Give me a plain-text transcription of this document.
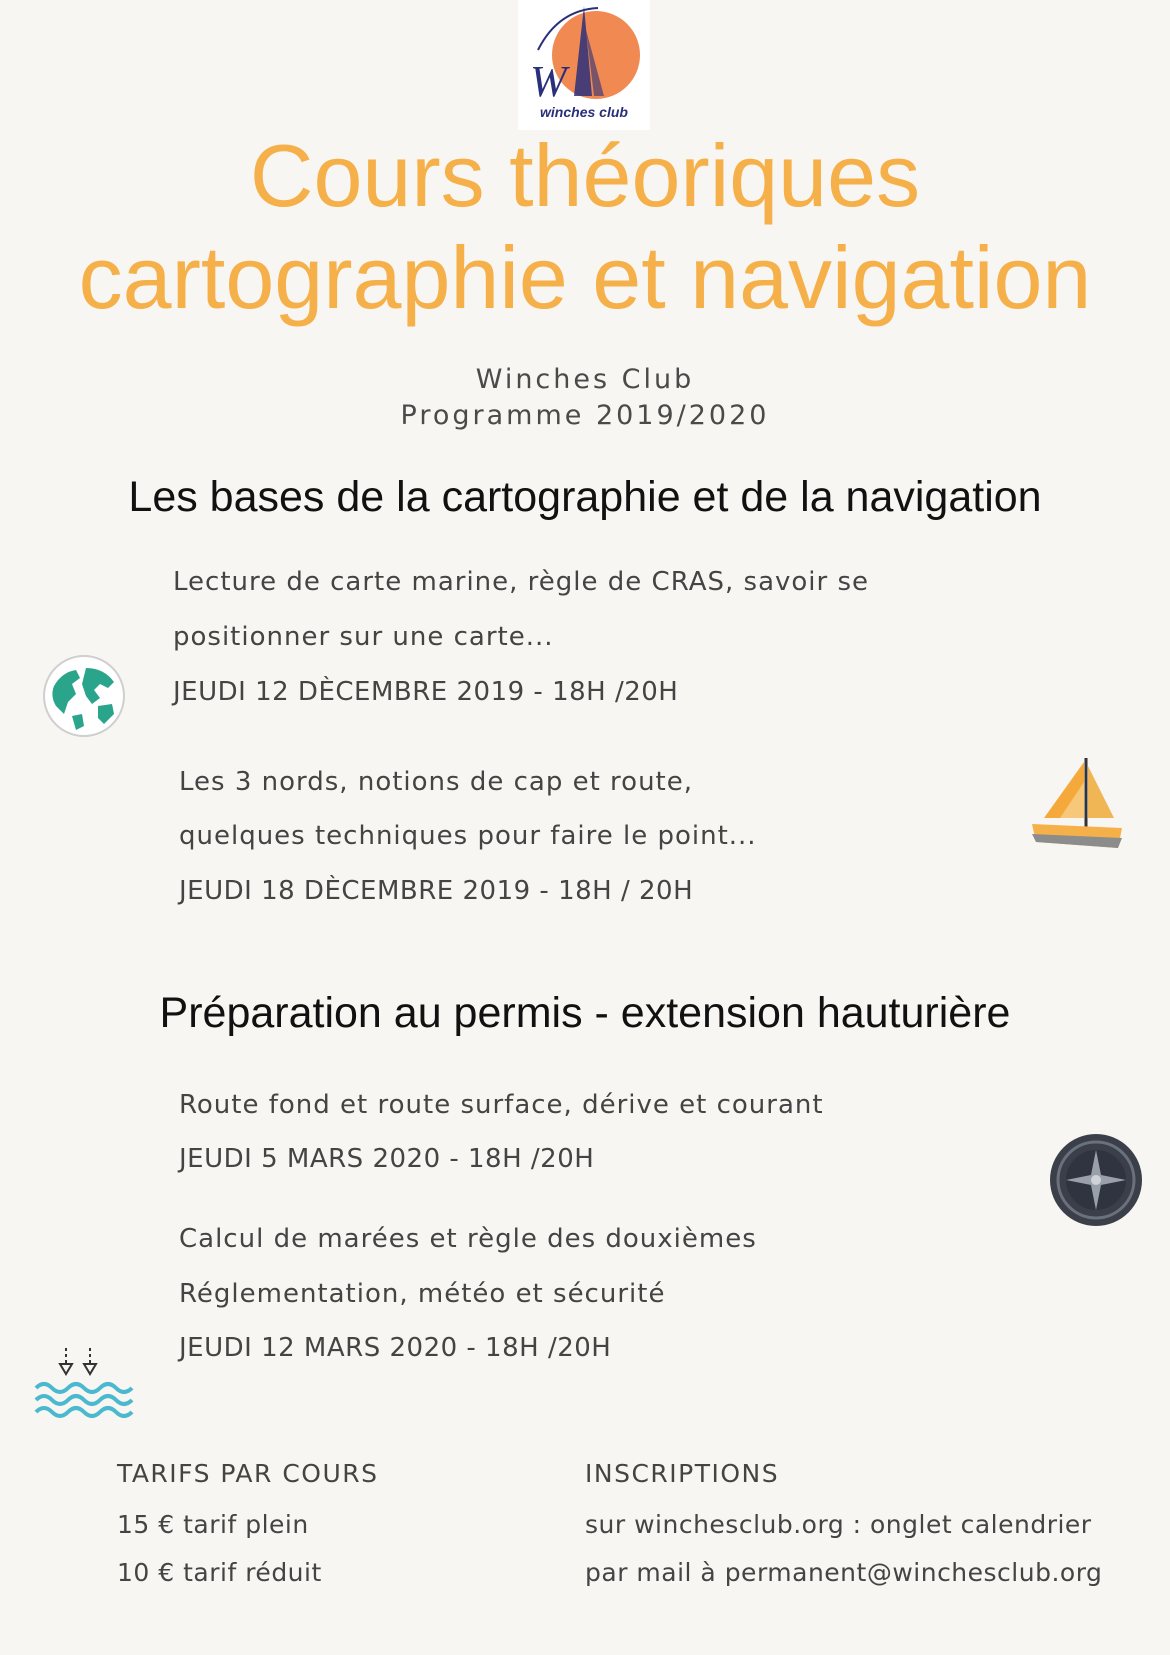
W
winches club
Cours théoriques
cartographie et navigation
Winches Club
Programme 2019/2020
Les bases de la cartographie et de la navigation
Lecture de carte marine, règle de CRAS, savoir se
positionner sur une carte...
JEUDI 12 DÈCEMBRE 2019 - 18H /20H
Les 3 nords, notions de cap et route,
quelques techniques pour faire le point...
JEUDI 18 DÈCEMBRE 2019 - 18H / 20H
Préparation au permis - extension hauturière
Route fond et route surface, dérive et courant
JEUDI 5 MARS 2020 - 18H /20H
Calcul de marées et règle des douxièmes
Réglementation, météo et sécurité
JEUDI 12 MARS 2020 - 18H /20H
TARIFS PAR COURS
15 € tarif plein
10 € tarif réduit
INSCRIPTIONS
sur winchesclub.org : onglet calendrier
par mail à permanent@winchesclub.org
